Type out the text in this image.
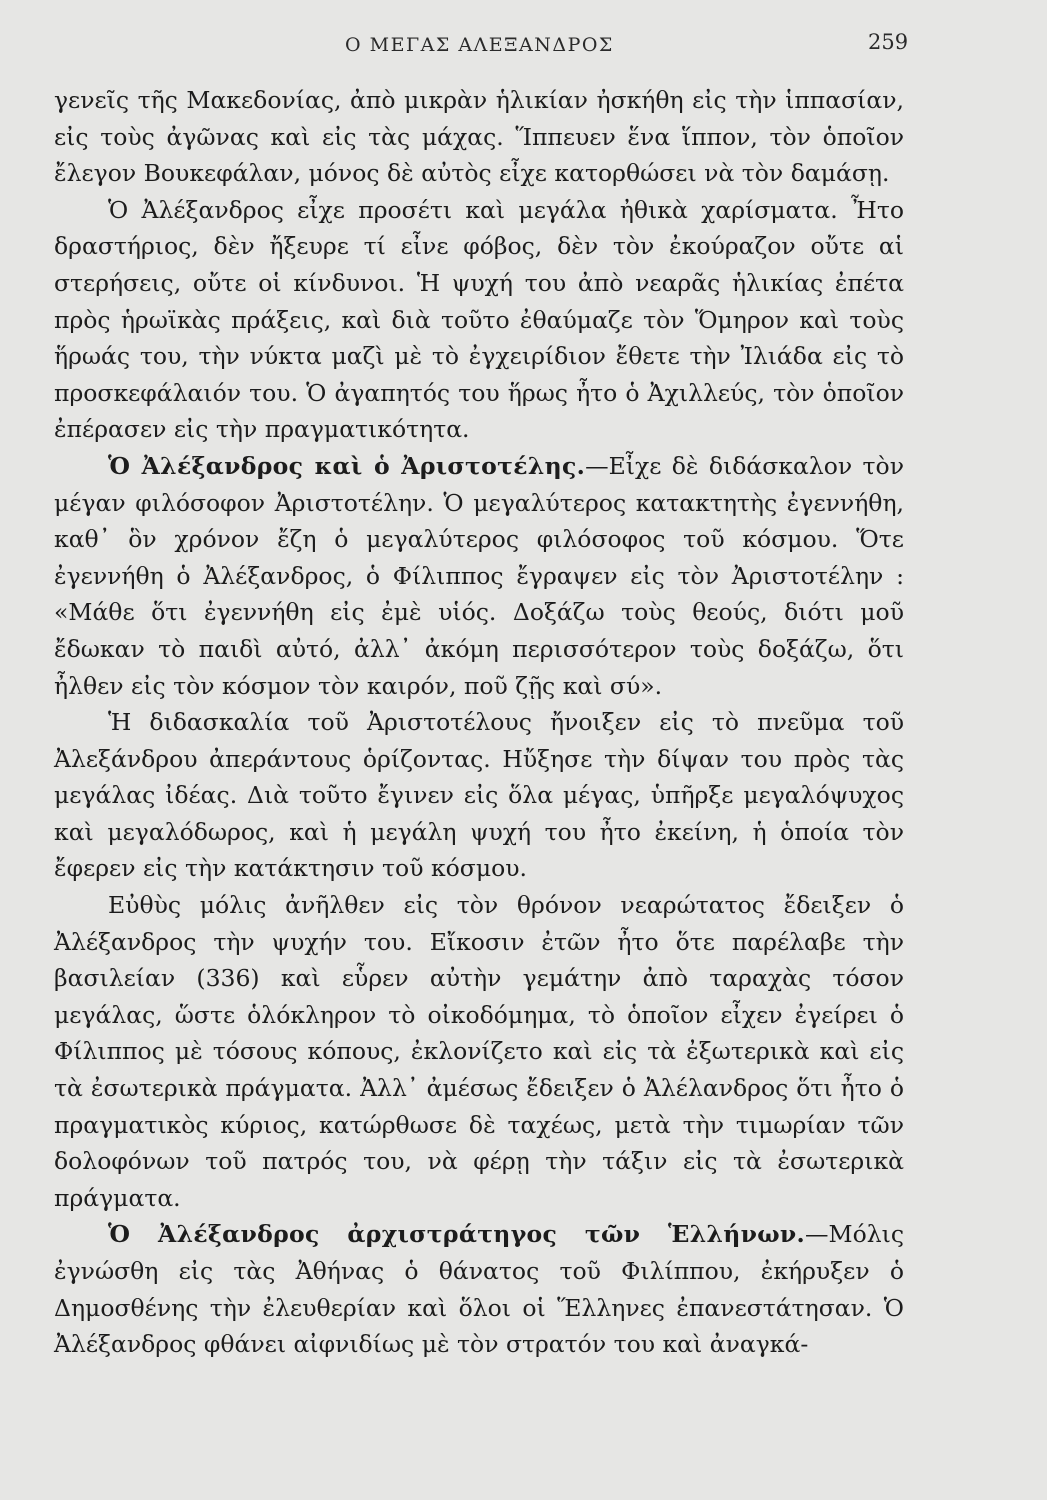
Ο ΜΕΓΑΣ ΑΛΕΞΑΝΔΡΟΣ	259

γενεῖς τῆς Μακεδονίας, ἀπὸ μικρὰν ἡλικίαν ἠσκήθη εἰς τὴν ἱππασίαν, εἰς τοὺς ἀγῶνας καὶ εἰς τὰς μάχας. Ἵππευεν ἕνα ἵππον, τὸν ὁποῖον ἔλεγον Βουκεφάλαν, μόνος δὲ αὐτὸς εἶχε κατορθώσει νὰ τὸν δαμάσῃ.

Ὁ Ἀλέξανδρος εἶχε προσέτι καὶ μεγάλα ἠθικὰ χαρίσματα. Ἦτο δραστήριος, δὲν ἤξευρε τί εἶνε φόβος, δὲν τὸν ἐκούραζον οὔτε αἱ στερήσεις, οὔτε οἱ κίνδυνοι. Ἡ ψυχή του ἀπὸ νεαρᾶς ἡλικίας ἐπέτα πρὸς ἡρωϊκὰς πράξεις, καὶ διὰ τοῦτο ἐθαύμαζε τὸν Ὅμηρον καὶ τοὺς ἥρωάς του, τὴν νύκτα μαζὶ μὲ τὸ ἐγχειρίδιον ἔθετε τὴν Ἰλιάδα εἰς τὸ προσκεφάλαιόν του. Ὁ ἀγαπητός του ἥρως ἦτο ὁ Ἀχιλλεύς, τὸν ὁποῖον ἐπέρασεν εἰς τὴν πραγματικότητα.

Ὁ Ἀλέξανδρος καὶ ὁ Ἀριστοτέλης.—Εἶχε δὲ διδάσκαλον τὸν μέγαν φιλόσοφον Ἀριστοτέλην. Ὁ μεγαλύτερος κατακτητὴς ἐγεννήθη, καθ᾽ ὃν χρόνον ἔζη ὁ μεγαλύτερος φιλόσοφος τοῦ κόσμου. Ὅτε ἐγεννήθη ὁ Ἀλέξανδρος, ὁ Φίλιππος ἔγραψεν εἰς τὸν Ἀριστοτέλην : «Μάθε ὅτι ἐγεννήθη εἰς ἐμὲ υἱός. Δοξάζω τοὺς θεούς, διότι μοῦ ἔδωκαν τὸ παιδὶ αὐτό, ἀλλ᾽ ἀκόμη περισσότερον τοὺς δοξάζω, ὅτι ἦλθεν εἰς τὸν κόσμον τὸν καιρόν, ποῦ ζῇς καὶ σύ».

Ἡ διδασκαλία τοῦ Ἀριστοτέλους ἤνοιξεν εἰς τὸ πνεῦμα τοῦ Ἀλεξάνδρου ἀπεράντους ὁρίζοντας. Ηὔξησε τὴν δίψαν του πρὸς τὰς μεγάλας ἰδέας. Διὰ τοῦτο ἔγινεν εἰς ὅλα μέγας, ὑπῆρξε μεγαλόψυχος καὶ μεγαλόδωρος, καὶ ἡ μεγάλη ψυχή του ἦτο ἐκείνη, ἡ ὁποία τὸν ἔφερεν εἰς τὴν κατάκτησιν τοῦ κόσμου.

Εὐθὺς μόλις ἀνῆλθεν εἰς τὸν θρόνον νεαρώτατος ἔδειξεν ὁ Ἀλέξανδρος τὴν ψυχήν του. Εἴκοσιν ἐτῶν ἦτο ὅτε παρέλαβε τὴν βασιλείαν (336) καὶ εὗρεν αὐτὴν γεμάτην ἀπὸ ταραχὰς τόσον μεγάλας, ὥστε ὁλόκληρον τὸ οἰκοδόμημα, τὸ ὁποῖον εἶχεν ἐγείρει ὁ Φίλιππος μὲ τόσους κόπους, ἐκλονίζετο καὶ εἰς τὰ ἐξωτερικὰ καὶ εἰς τὰ ἐσωτερικὰ πράγματα. Ἀλλ᾽ ἀμέσως ἔδειξεν ὁ Ἀλέλανδρος ὅτι ἦτο ὁ πραγματικὸς κύριος, κατώρθωσε δὲ ταχέως, μετὰ τὴν τιμωρίαν τῶν δολοφόνων τοῦ πατρός του, νὰ φέρῃ τὴν τάξιν εἰς τὰ ἐσωτερικὰ πράγματα.

Ὁ Ἀλέξανδρος ἀρχιστράτηγος τῶν Ἑλλήνων.—Μόλις ἐγνώσθη εἰς τὰς Ἀθήνας ὁ θάνατος τοῦ Φιλίππου, ἐκήρυξεν ὁ Δημοσθένης τὴν ἐλευθερίαν καὶ ὅλοι οἱ Ἕλληνες ἐπανεστάτησαν. Ὁ Ἀλέξανδρος φθάνει αἰφνιδίως μὲ τὸν στρατόν του καὶ ἀναγκά-
